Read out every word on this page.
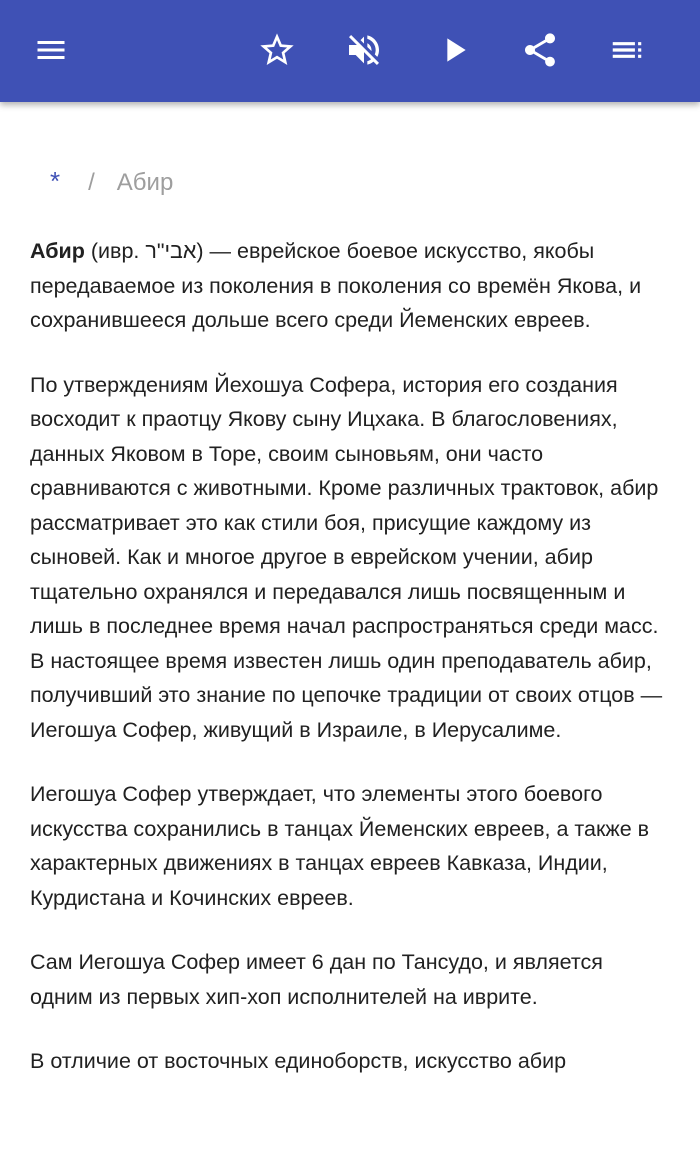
* / Абир

Абир (ивр. אבי"ר) — еврейское боевое искусство, якобы передаваемое из поколения в поколения со времён Якова, и сохранившееся дольше всего среди Йеменских евреев.

По утверждениям Йехошуа Софера, история его создания восходит к праотцу Якову сыну Ицхака. В благословениях, данных Яковом в Торе, своим сыновьям, они часто сравниваются с животными. Кроме различных трактовок, абир рассматривает это как стили боя, присущие каждому из сыновей. Как и многое другое в еврейском учении, абир тщательно охранялся и передавался лишь посвященным и лишь в последнее время начал распространяться среди масс. В настоящее время известен лишь один преподаватель абир, получивший это знание по цепочке традиции от своих отцов — Иегошуа Софер, живущий в Израиле, в Иерусалиме.

Иегошуа Софер утверждает, что элементы этого боевого искусства сохранились в танцах Йеменских евреев, а также в характерных движениях в танцах евреев Кавказа, Индии, Курдистана и Кочинских евреев.

Сам Иегошуа Софер имеет 6 дан по Тансудо, и является одним из первых хип-хоп исполнителей на иврите.

В отличие от восточных единоборств, искусство абир
